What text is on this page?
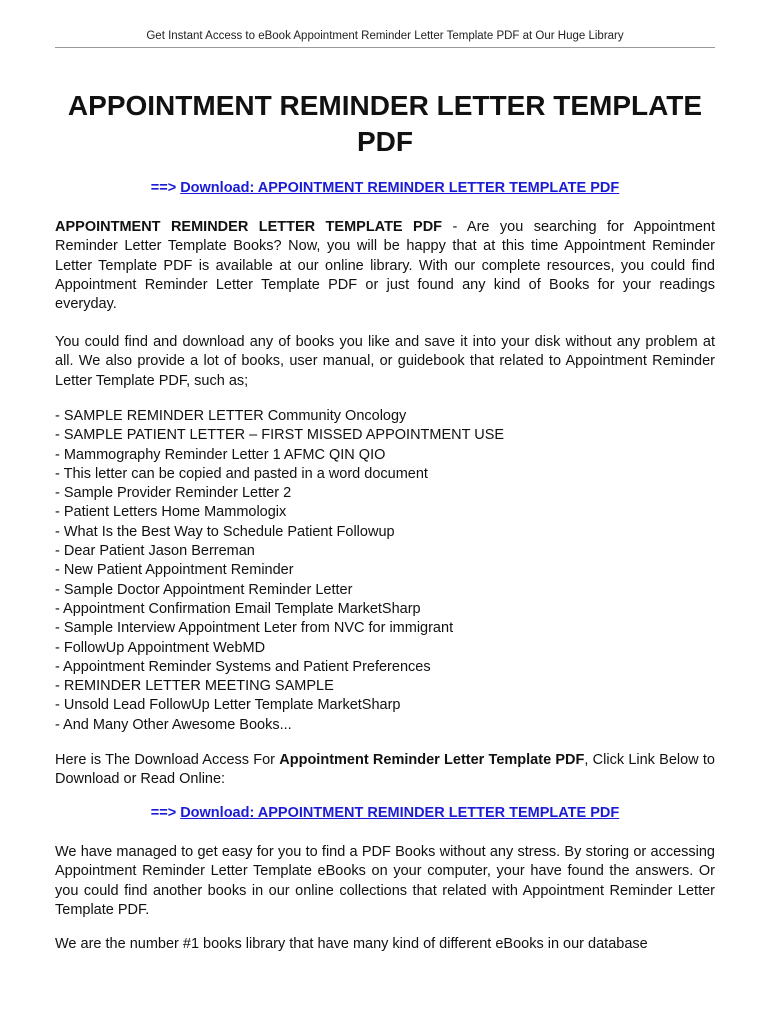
Get Instant Access to eBook Appointment Reminder Letter Template PDF at Our Huge Library
APPOINTMENT REMINDER LETTER TEMPLATE PDF
==> Download: APPOINTMENT REMINDER LETTER TEMPLATE PDF

APPOINTMENT REMINDER LETTER TEMPLATE PDF - Are you searching for Appointment Reminder Letter Template Books? Now, you will be happy that at this time Appointment Reminder Letter Template PDF is available at our online library. With our complete resources, you could find Appointment Reminder Letter Template PDF or just found any kind of Books for your readings everyday.

You could find and download any of books you like and save it into your disk without any problem at all. We also provide a lot of books, user manual, or guidebook that related to Appointment Reminder Letter Template PDF, such as;

- SAMPLE REMINDER LETTER Community Oncology
- SAMPLE PATIENT LETTER – FIRST MISSED APPOINTMENT USE
- Mammography Reminder Letter 1 AFMC QIN QIO
- This letter can be copied and pasted in a word document
- Sample Provider Reminder Letter 2
- Patient Letters Home Mammologix
- What Is the Best Way to Schedule Patient Followup
- Dear Patient Jason Berreman
- New Patient Appointment Reminder
- Sample Doctor Appointment Reminder Letter
- Appointment Confirmation Email Template MarketSharp
- Sample Interview Appointment Leter from NVC for immigrant
- FollowUp Appointment WebMD
- Appointment Reminder Systems and Patient Preferences
- REMINDER LETTER MEETING SAMPLE
- Unsold Lead FollowUp Letter Template MarketSharp
- And Many Other Awesome Books...

Here is The Download Access For Appointment Reminder Letter Template PDF, Click Link Below to Download or Read Online:

==> Download: APPOINTMENT REMINDER LETTER TEMPLATE PDF

We have managed to get easy for you to find a PDF Books without any stress. By storing or accessing Appointment Reminder Letter Template eBooks on your computer, your have found the answers. Or you could find another books in our online collections that related with Appointment Reminder Letter Template PDF.

We are the number #1 books library that have many kind of different eBooks in our database
